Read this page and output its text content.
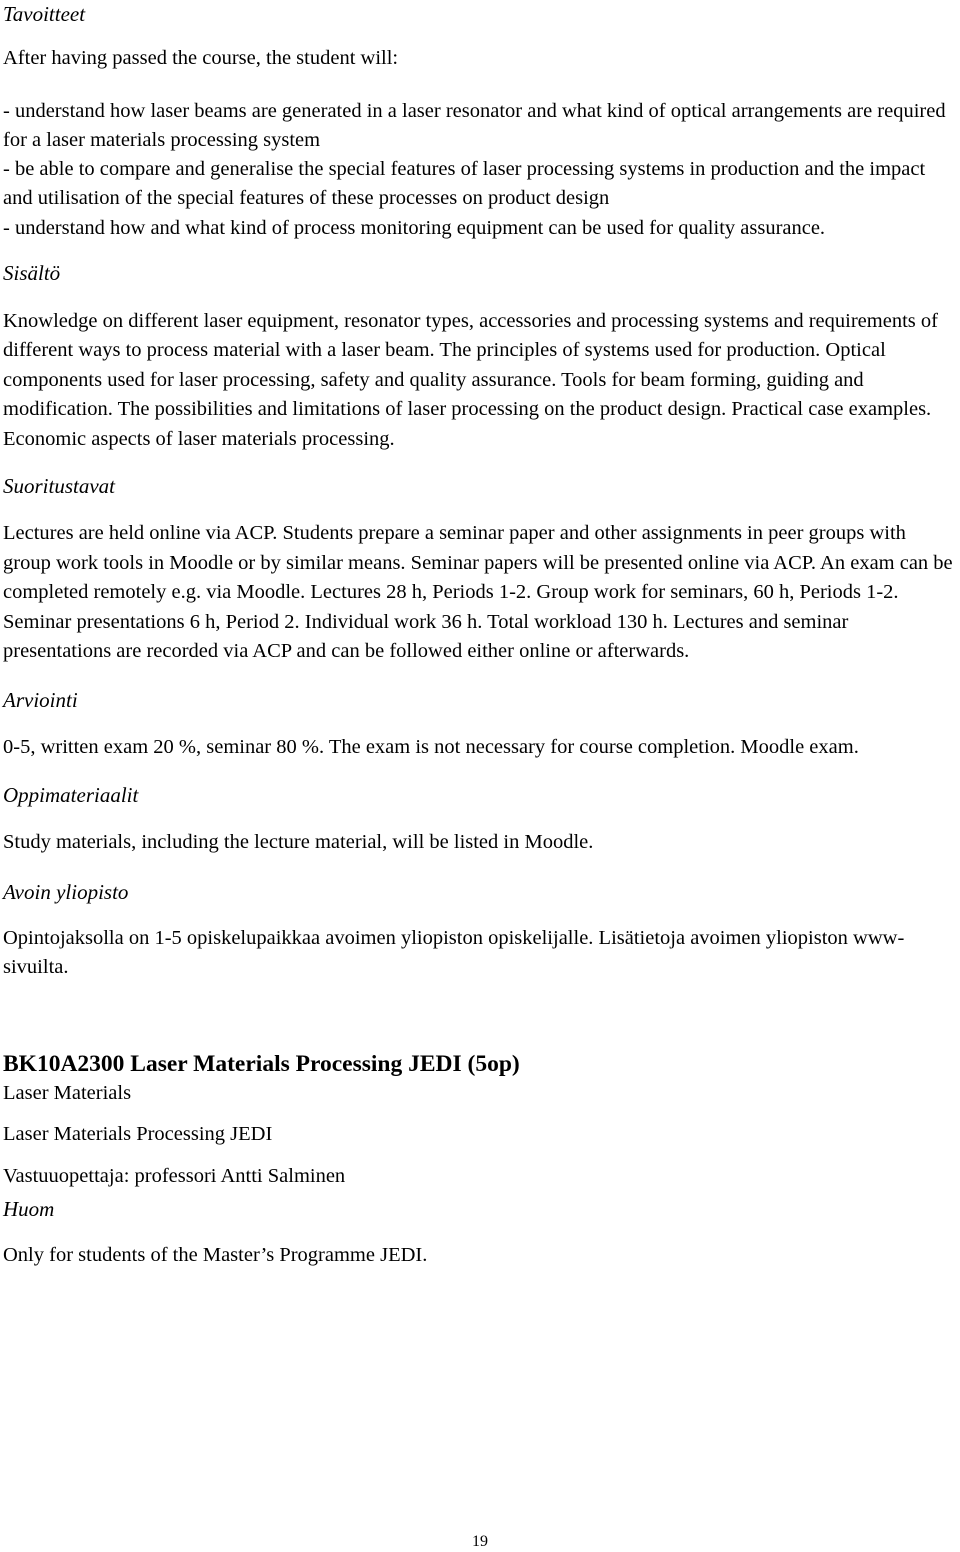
Tavoitteet

After having passed the course, the student will:

- understand how laser beams are generated in a laser resonator and what kind of optical arrangements are required for a laser materials processing system

- be able to compare and generalise the special features of laser processing systems in production and the impact and utilisation of the special features of these processes on product design

- understand how and what kind of process monitoring equipment can be used for quality assurance.

Sisältö

Knowledge on different laser equipment, resonator types, accessories and processing systems and requirements of different ways to process material with a laser beam. The principles of systems used for production. Optical components used for laser processing, safety and quality assurance. Tools for beam forming, guiding and modification. The possibilities and limitations of laser processing on the product design. Practical case examples. Economic aspects of laser materials processing.

Suoritustavat

Lectures are held online via ACP. Students prepare a seminar paper and other assignments in peer groups with group work tools in Moodle or by similar means. Seminar papers will be presented online via ACP. An exam can be completed remotely e.g. via Moodle. Lectures 28 h, Periods 1-2. Group work for seminars, 60 h, Periods 1-2. Seminar presentations 6 h, Period 2. Individual work 36 h. Total workload 130 h. Lectures and seminar presentations are recorded via ACP and can be followed either online or afterwards.

Arviointi

0-5, written exam 20 %, seminar 80 %. The exam is not necessary for course completion. Moodle exam.

Oppimateriaalit

Study materials, including the lecture material, will be listed in Moodle.

Avoin yliopisto

Opintojaksolla on 1-5 opiskelupaikkaa avoimen yliopiston opiskelijalle. Lisätietoja avoimen yliopiston www-sivuilta.

BK10A2300 Laser Materials Processing JEDI (5op)

Laser Materials

Laser Materials Processing JEDI

Vastuuopettaja: professori Antti Salminen

Huom

Only for students of the Master’s Programme JEDI.

19
